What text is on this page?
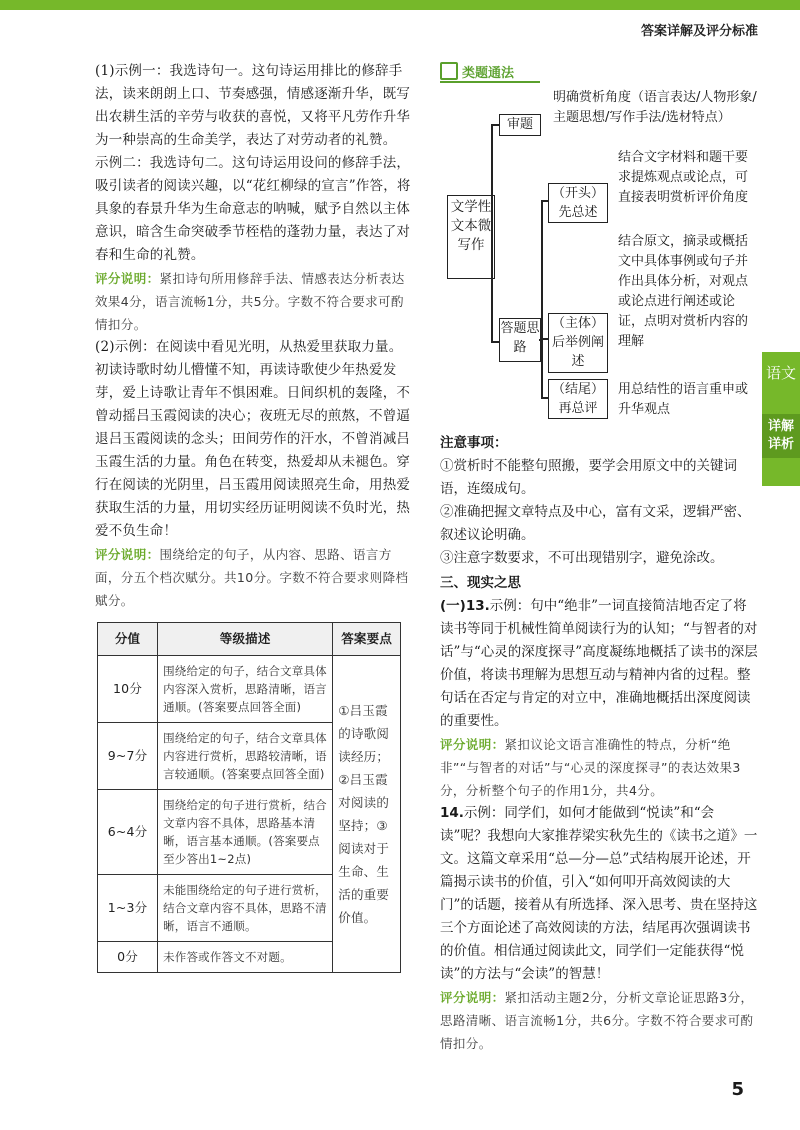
答案详解及评分标准
语文
详解详析

(1)示例一：我选诗句一。这句诗运用排比的修辞手法，读来朗朗上口、节奏感强，情感逐渐升华，既写出农耕生活的辛劳与收获的喜悦，又将平凡劳作升华为一种崇高的生命美学，表达了对劳动者的礼赞。

示例二：我选诗句二。这句诗运用设问的修辞手法，吸引读者的阅读兴趣，以“花红柳绿的宣言”作答，将具象的春景升华为生命意志的呐喊，赋予自然以主体意识，暗含生命突破季节桎梏的蓬勃力量，表达了对春和生命的礼赞。

评分说明：紧扣诗句所用修辞手法、情感表达分析表达效果4分，语言流畅1分，共5分。字数不符合要求可酌情扣分。

(2)示例：在阅读中看见光明，从热爱里获取力量。初读诗歌时幼儿懵懂不知，再读诗歌使少年热爱发芽，爱上诗歌让青年不惧困难。日间织机的轰隆，不曾动摇吕玉霞阅读的决心；夜班无尽的煎熬，不曾逼退吕玉霞阅读的念头；田间劳作的汗水，不曾消减吕玉霞生活的力量。角色在转变，热爱却从未褪色。穿行在阅读的光阴里，吕玉霞用阅读照亮生命，用热爱获取生活的力量，用切实经历证明阅读不负时光，热爱不负生命！

评分说明：围绕给定的句子，从内容、思路、语言方面，分五个档次赋分。共10分。字数不符合要求则降档赋分。

分值	等级描述	答案要点
10分	围绕给定的句子，结合文章具体内容深入赏析，思路清晰，语言通顺。(答案要点回答全面)	①吕玉霞的诗歌阅读经历；②吕玉霞对阅读的坚持；③阅读对于生命、生活的重要价值。
9~7分	围绕给定的句子，结合文章具体内容进行赏析，思路较清晰，语言较通顺。(答案要点回答全面)	
6~4分	围绕给定的句子进行赏析，结合文章内容不具体，思路基本清晰，语言基本通顺。(答案要点至少答出1~2点)	
1~3分	未能围绕给定的句子进行赏析，结合文章内容不具体，思路不清晰，语言不通顺。	
0分	未作答或作答文不对题。	
类题通法
文学性文本微写作
审题
明确赏析角度（语言表达/人物形象/主题思想/写作手法/选材特点）
答题思路
（开头）先总述
结合文字材料和题干要求提炼观点或论点，可直接表明赏析评价角度
（主体）后举例阐述
结合原文，摘录或概括文中具体事例或句子并作出具体分析，对观点或论点进行阐述或论证，点明对赏析内容的理解
（结尾）再总评
用总结性的语言重申或升华观点
注意事项：

①赏析时不能整句照搬，要学会用原文中的关键词语，连缀成句。

②准确把握文章特点及中心，富有文采，逻辑严密、叙述议论明确。

③注意字数要求，不可出现错别字，避免涂改。

三、现实之思

(一)13.示例：句中“绝非”一词直接简洁地否定了将读书等同于机械性简单阅读行为的认知；“与智者的对话”与“心灵的深度探寻”高度凝练地概括了读书的深层价值，将读书理解为思想互动与精神内省的过程。整句话在否定与肯定的对立中，准确地概括出深度阅读的重要性。

评分说明：紧扣议论文语言准确性的特点，分析“绝非”“与智者的对话”与“心灵的深度探寻”的表达效果3分，分析整个句子的作用1分，共4分。

14.示例：同学们，如何才能做到“悦读”和“会读”呢？我想向大家推荐梁实秋先生的《读书之道》一文。这篇文章采用“总—分—总”式结构展开论述，开篇揭示读书的价值，引入“如何叩开高效阅读的大门”的话题，接着从有所选择、深入思考、贵在坚持这三个方面论述了高效阅读的方法，结尾再次强调读书的价值。相信通过阅读此文，同学们一定能获得“悦读”的方法与“会读”的智慧！

评分说明：紧扣活动主题2分，分析文章论证思路3分，思路清晰、语言流畅1分，共6分。字数不符合要求可酌情扣分。

5
